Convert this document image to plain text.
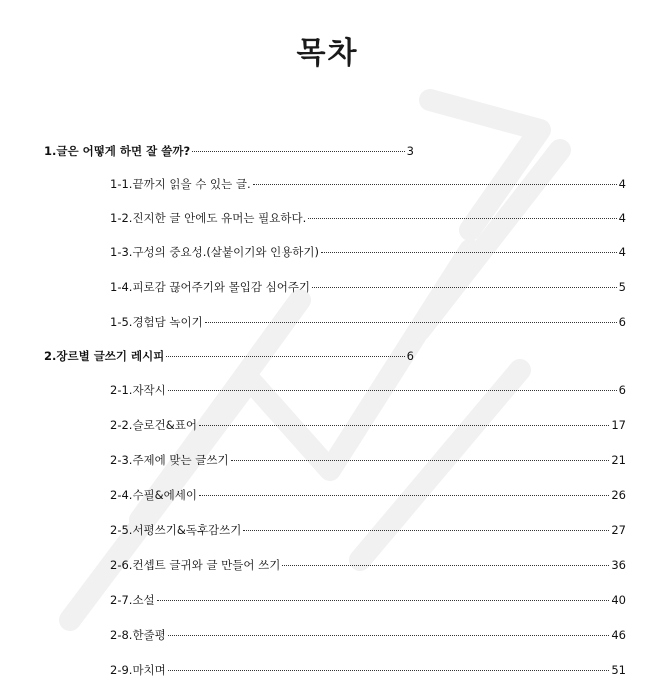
목차
1.글은 어떻게 하면 잘 쓸까?	3
1-1.끝까지 읽을 수 있는 글.	4
1-2.진지한 글 안에도 유머는 필요하다.	4
1-3.구성의 중요성.(살붙이기와 인용하기)	4
1-4.피로감 끊어주기와 몰입감 심어주기	5
1-5.경험담 녹이기	6
2.장르별 글쓰기 레시피	6
2-1.자작시	6
2-2.슬로건&표어	17
2-3.주제에 맞는 글쓰기	21
2-4.수필&에세이	26
2-5.서평쓰기&독후감쓰기	27
2-6.컨셉트 글귀와 글 만들어 쓰기	36
2-7.소설	40
2-8.한줄평	46
2-9.마치며	51
